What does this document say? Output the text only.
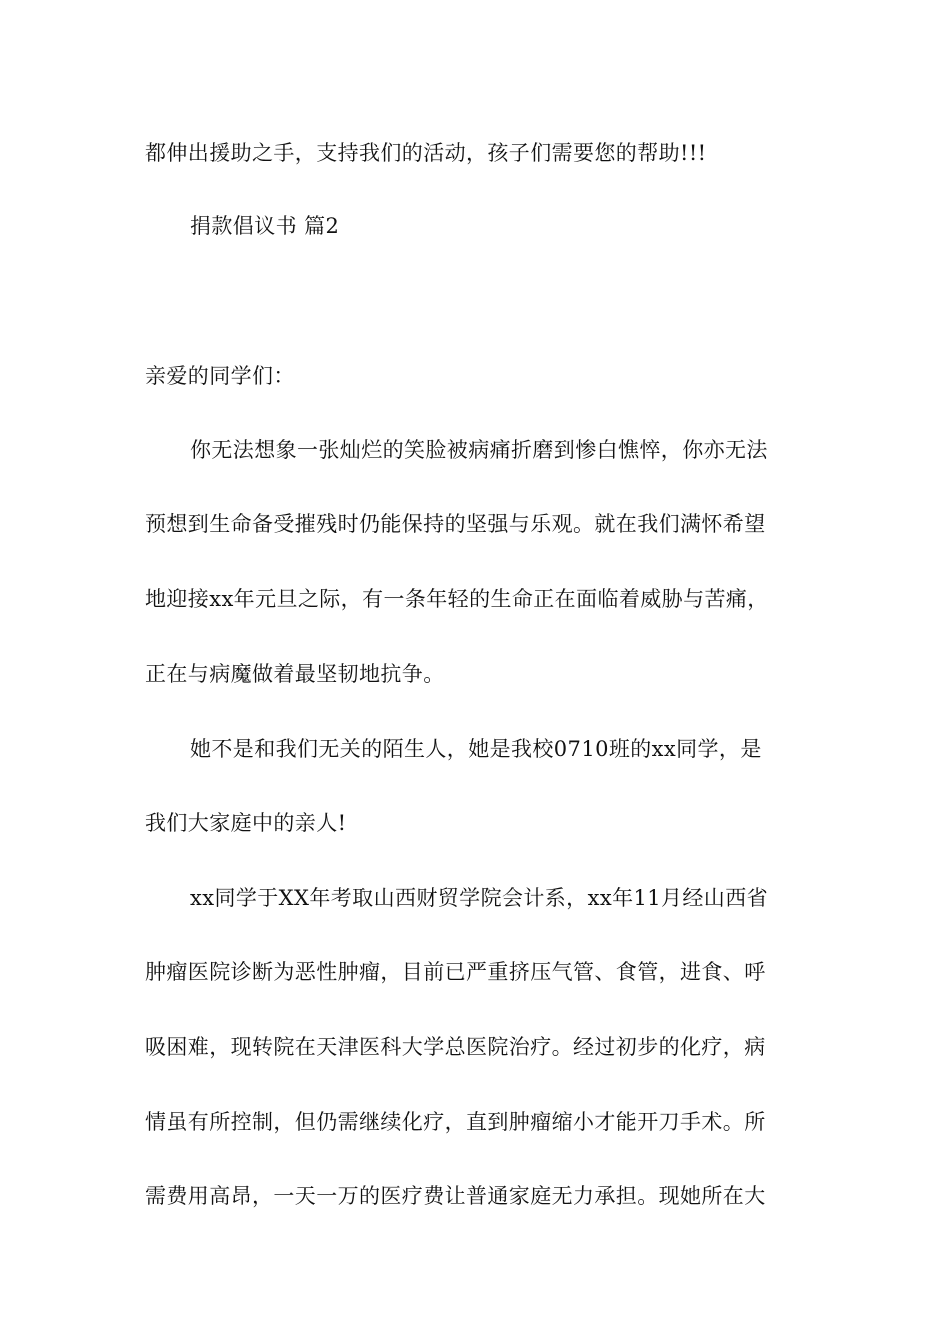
都伸出援助之手，支持我们的活动，孩子们需要您的帮助!!!
捐款倡议书 篇2
亲爱的同学们：
你无法想象一张灿烂的笑脸被病痛折磨到惨白憔悴，你亦无法
预想到生命备受摧残时仍能保持的坚强与乐观。就在我们满怀希望
地迎接xx年元旦之际，有一条年轻的生命正在面临着威胁与苦痛，
正在与病魔做着最坚韧地抗争。
她不是和我们无关的陌生人，她是我校0710班的xx同学，是
我们大家庭中的亲人!
xx同学于XX年考取山西财贸学院会计系，xx年11月经山西省
肿瘤医院诊断为恶性肿瘤，目前已严重挤压气管、食管，进食、呼
吸困难，现转院在天津医科大学总医院治疗。经过初步的化疗，病
情虽有所控制，但仍需继续化疗，直到肿瘤缩小才能开刀手术。所
需费用高昂，一天一万的医疗费让普通家庭无力承担。现她所在大
